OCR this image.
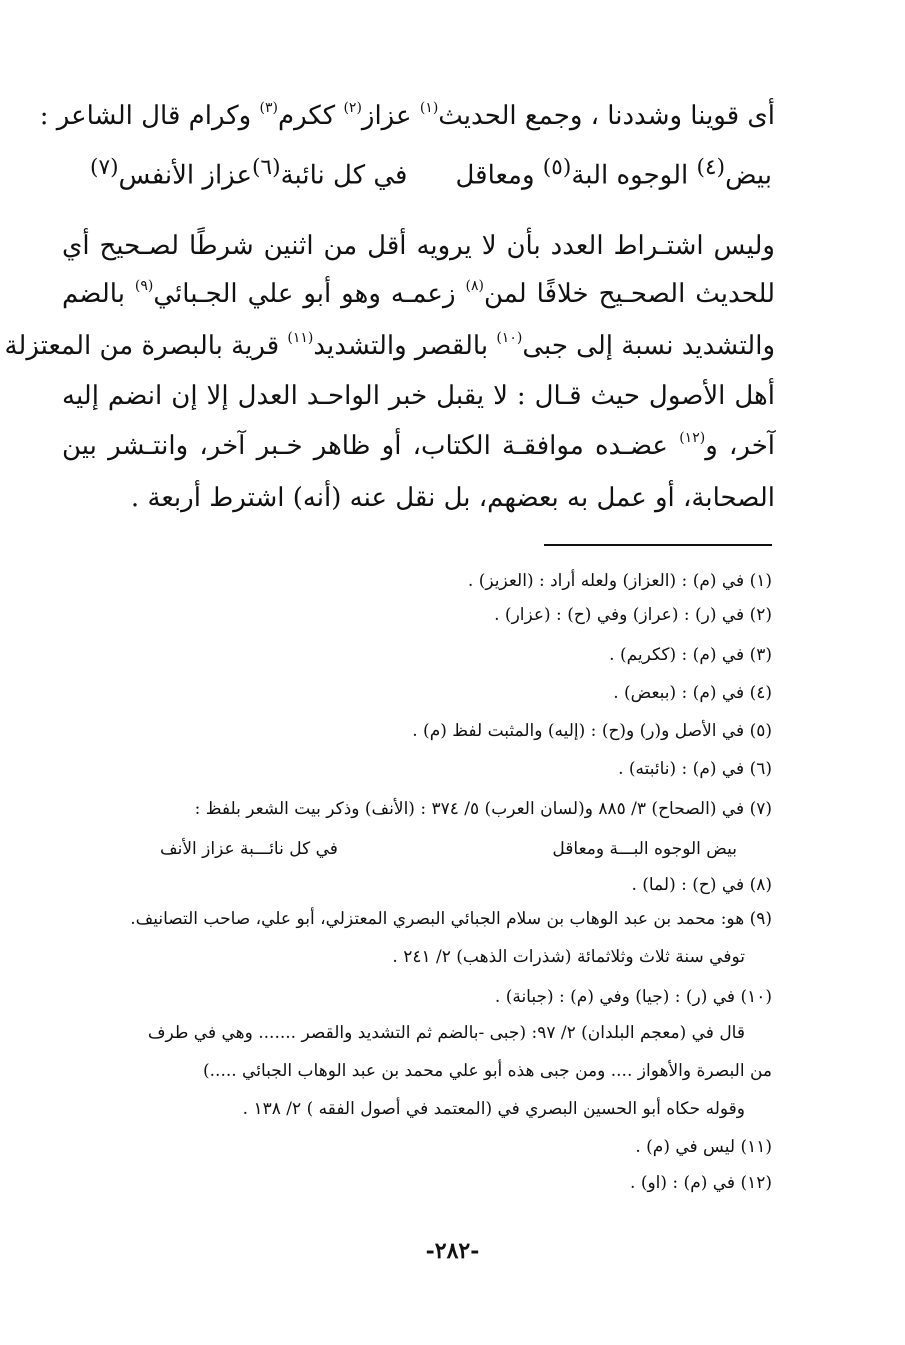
أى قوينا وشددنا ، وجمع الحديث$^{(١)}$ عزاز$^{(٢)}$ ككرم$^{(٣)}$ وكرام قال الشاعر :
بيض$^{(٤)}$ الوجوه البة$^{(٥)}$ ومعاقل
في كل نائبة$^{(٦)}$عزاز الأنفس$^{(٧)}$
وليس اشتـراط العدد بأن لا يرويه أقل من اثنين شرطًا لصـحيح أي
للحديث الصحـيح خلافًا لمن$^{(٨)}$ زعمـه وهو أبو علي الجـبائي$^{(٩)}$ بالضم
والتشديد نسبة إلى جبى$^{(١٠)}$ بالقصر والتشديد$^{(١١)}$ قرية بالبصرة من المعتزلة
أهل الأصول حيث قـال : لا يقبل خبر الواحـد العدل إلا إن انضم إليه
آخر، و$^{(١٢)}$ عضـده موافقـة الكتاب، أو ظاهر خـبر آخر، وانتـشر بين
الصحابة، أو عمل به بعضهم، بل نقل عنه (أنه) اشترط أربعة .
(١) في (م) : (العزاز) ولعله أراد : (العزيز) .
(٢) في (ر) : (عراز) وفي (ح) : (عزار) .
(٣) في (م) : (ككريم) .
(٤) في (م) : (ببعض) .
(٥) في الأصل و(ر) و(ح) : (إليه) والمثبت لفظ (م) .
(٦) في (م) : (نائبته) .
(٧) في (الصحاح) ٣/ ٨٨٥ و(لسان العرب) ٥/ ٣٧٤ : (الأنف) وذكر بيت الشعر بلفظ :
بيض الوجوه البـــة ومعاقل
في كل نائـــبة عزاز الأنف
(٨) في (ح) : (لما) .
(٩) هو: محمد بن عبد الوهاب بن سلام الجبائي البصري المعتزلي، أبو علي، صاحب التصانيف.
توفي سنة ثلاث وثلاثمائة (شذرات الذهب) ٢/ ٢٤١ .
(١٠) في (ر) : (جيا) وفي (م) : (جبانة) .
قال في (معجم البلدان) ٢/ ٩٧: (جبى -بالضم ثم التشديد والقصر ....... وهي في طرف
من البصرة والأهواز .... ومن جبى هذه أبو علي محمد بن عبد الوهاب الجبائي .....)
وقوله حكاه أبو الحسين البصري في (المعتمد في أصول الفقه ) ٢/ ١٣٨ .
(١١) ليس في (م) .
(١٢) في (م) : (او) .
-٢٨٢-
